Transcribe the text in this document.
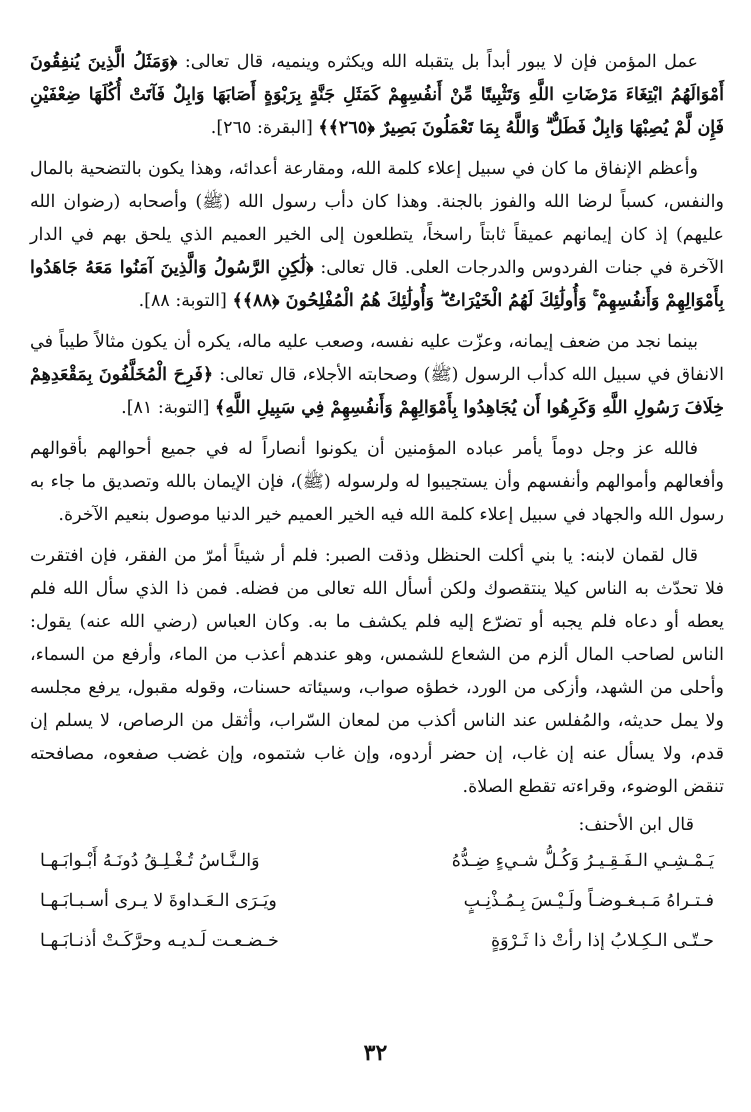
عمل المؤمن فإن لا يبور أبداً بل يتقبله الله ويكثره وينميه، قال تعالى: ﴿وَمَثَلُ الَّذِينَ يُنفِقُونَ أَمْوَالَهُمُ ابْتِغَاءَ مَرْضَاتِ اللَّهِ وَتَثْبِيتًا مِّنْ أَنفُسِهِمْ كَمَثَلِ جَنَّةٍ بِرَبْوَةٍ أَصَابَهَا وَابِلٌ فَآتَتْ أُكُلَهَا ضِعْفَيْنِ فَإِن لَّمْ يُصِبْهَا وَابِلٌ فَطَلٌّ ۗ وَاللَّهُ بِمَا تَعْمَلُونَ بَصِيرٌ ﴿٢٦٥﴾﴾ [البقرة: ٢٦٥].

وأعظم الإنفاق ما كان في سبيل إعلاء كلمة الله، ومقارعة أعدائه، وهذا يكون بالتضحية بالمال والنفس، كسباً لرضا الله والفوز بالجنة. وهذا كان دأب رسول الله (ﷺ) وأصحابه (رضوان الله عليهم) إذ كان إيمانهم عميقاً ثابتاً راسخاً، يتطلعون إلى الخير العميم الذي يلحق بهم في الدار الآخرة في جنات الفردوس والدرجات العلى. قال تعالى: ﴿لَٰكِنِ الرَّسُولُ وَالَّذِينَ آمَنُوا مَعَهُ جَاهَدُوا بِأَمْوَالِهِمْ وَأَنفُسِهِمْ ۚ وَأُولَٰئِكَ لَهُمُ الْخَيْرَاتُ ۖ وَأُولَٰئِكَ هُمُ الْمُفْلِحُونَ ﴿٨٨﴾﴾ [التوبة: ٨٨].

بينما نجد من ضعف إيمانه، وعزّت عليه نفسه، وصعب عليه ماله، يكره أن يكون مثالاً طيباً في الانفاق في سبيل الله كدأب الرسول (ﷺ) وصحابته الأجلاء، قال تعالى: ﴿فَرِحَ الْمُخَلَّفُونَ بِمَقْعَدِهِمْ خِلَافَ رَسُولِ اللَّهِ وَكَرِهُوا أَن يُجَاهِدُوا بِأَمْوَالِهِمْ وَأَنفُسِهِمْ فِي سَبِيلِ اللَّهِ﴾ [التوبة: ٨١].

فالله عز وجل دوماً يأمر عباده المؤمنين أن يكونوا أنصاراً له في جميع أحوالهم بأقوالهم وأفعالهم وأموالهم وأنفسهم وأن يستجيبوا له ولرسوله (ﷺ)، فإن الإيمان بالله وتصديق ما جاء به رسول الله والجهاد في سبيل إعلاء كلمة الله فيه الخير العميم خير الدنيا موصول بنعيم الآخرة.

قال لقمان لابنه: يا بني أكلت الحنظل وذقت الصبر: فلم أر شيئاً أمرّ من الفقر، فإن افتقرت فلا تحدّث به الناس كيلا ينتقصوك ولكن أسأل الله تعالى من فضله. فمن ذا الذي سأل الله فلم يعطه أو دعاه فلم يجبه أو تضرّع إليه فلم يكشف ما به. وكان العباس (رضي الله عنه) يقول: الناس لصاحب المال ألزم من الشعاع للشمس، وهو عندهم أعذب من الماء، وأرفع من السماء، وأحلى من الشهد، وأزكى من الورد، خطؤه صواب، وسيئاته حسنات، وقوله مقبول، يرفع مجلسه ولا يمل حديثه، والمُفلس عند الناس أكذب من لمعان السّراب، وأثقل من الرصاص، لا يسلم إن قدم، ولا يسأل عنه إن غاب، إن حضر أردوه، وإن غاب شتموه، وإن غضب صفعوه، مصافحته تنقض الوضوء، وقراءته تقطع الصلاة.

قال ابن الأحنف:
يَـمْـشِـي الـفَـقِـيـرُ وَكُـلُّ شـيءٍ ضِـدُّهُ
وَالـنَّـاسُ تُـغْـلِـقُ دُونَـهُ أَبْـوابَـهـا
فـتـراهُ مَـبـغـوضـاً ولَـيْـسَ بِـمُـذْنِـبٍ
ويَـرَى الـعَـداوةَ لا يـرى أسـبـابَـهـا
حـتّـى الـكِـلابُ إذا رأتْ ذا ثَـرْوَةٍ
خـضـعـت لَـديـه وحرَّكَـتْ أذنـابَـهـا
٣٢
